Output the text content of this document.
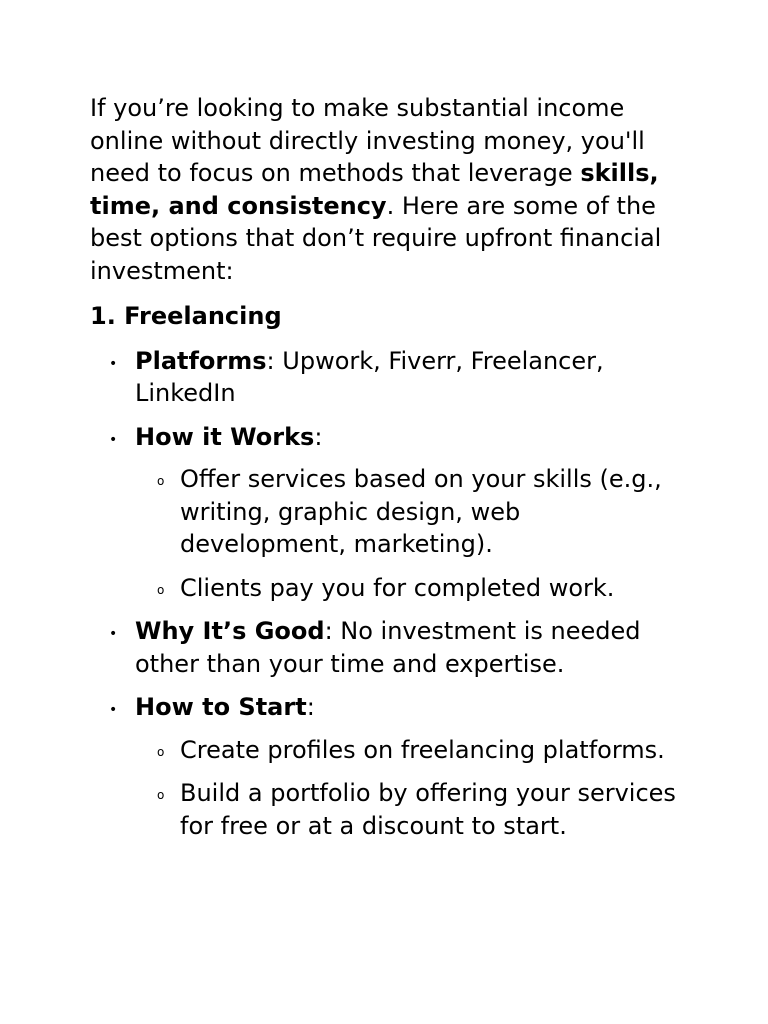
If you’re looking to make substantial income online without directly investing money, you'll need to focus on methods that leverage skills, time, and consistency. Here are some of the best options that don’t require upfront financial investment:

1. Freelancing
• Platforms: Upwork, Fiverr, Freelancer, LinkedIn
• How it Works:
o Offer services based on your skills (e.g., writing, graphic design, web development, marketing).
o Clients pay you for completed work.
• Why It’s Good: No investment is needed other than your time and expertise.
• How to Start:
o Create profiles on freelancing platforms.
o Build a portfolio by offering your services for free or at a discount to start.
